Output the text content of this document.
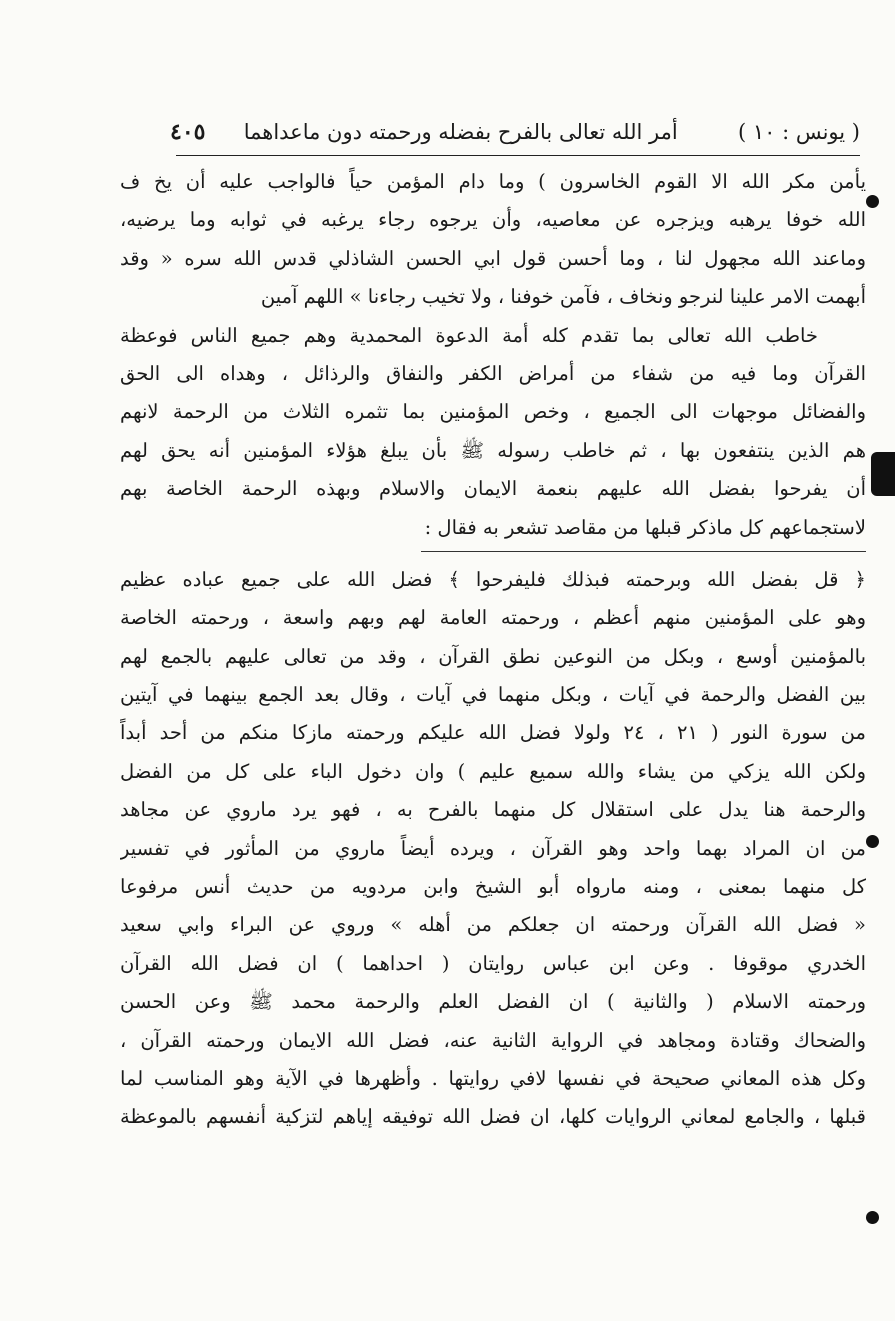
( يونس : ١٠ )
أمر الله تعالى بالفرح بفضله ورحمته دون ماعداهما
٤٠٥
يأمن مكر الله الا القوم الخاسرون ) وما دام المؤمن حياً فالواجب عليه أن يخ ف
الله خوفا يرهبه ويزجره عن معاصيه، وأن يرجوه رجاء يرغبه في ثوابه وما يرضيه،
وماعند الله مجهول لنا ، وما أحسن قول ابي الحسن الشاذلي قدس الله سره « وقد
أبهمت الامر علينا لنرجو ونخاف ، فآمن خوفنا ، ولا تخيب رجاءنا » اللهم آمين
خاطب الله تعالى بما تقدم كله أمة الدعوة المحمدية وهم جميع الناس فوعظة
القرآن وما فيه من شفاء من أمراض الكفر والنفاق والرذائل ، وهداه الى الحق
والفضائل موجهات الى الجميع ، وخص المؤمنين بما تثمره الثلاث من الرحمة لانهم
هم الذين ينتفعون بها ، ثم خاطب رسوله ﷺ بأن يبلغ هؤلاء المؤمنين أنه يحق لهم
أن يفرحوا بفضل الله عليهم بنعمة الايمان والاسلام وبهذه الرحمة الخاصة بهم
لاستجماعهم كل ماذكر قبلها من مقاصد تشعر به فقال :
﴿ قل بفضل الله وبرحمته فبذلك فليفرحوا ﴾ فضل الله على جميع عباده عظيم
وهو على المؤمنين منهم أعظم ، ورحمته العامة لهم وبهم واسعة ، ورحمته الخاصة
بالمؤمنين أوسع ، وبكل من النوعين نطق القرآن ، وقد من تعالى عليهم بالجمع لهم
بين الفضل والرحمة في آيات ، وبكل منهما في آيات ، وقال بعد الجمع بينهما في آيتين
من سورة النور ( ٢١ ، ٢٤ ولولا فضل الله عليكم ورحمته مازكا منكم من أحد أبداً
ولكن الله يزكي من يشاء والله سميع عليم ) وان دخول الباء على كل من الفضل
والرحمة هنا يدل على استقلال كل منهما بالفرح به ، فهو يرد ماروي عن مجاهد
من ان المراد بهما واحد وهو القرآن ، ويرده أيضاً ماروي من المأثور في تفسير
كل منهما بمعنى ، ومنه مارواه أبو الشيخ وابن مردويه من حديث أنس مرفوعا
« فضل الله القرآن ورحمته ان جعلكم من أهله » وروي عن البراء وابي سعيد
الخدري موقوفا . وعن ابن عباس روايتان ( احداهما ) ان فضل الله القرآن
ورحمته الاسلام ( والثانية ) ان الفضل العلم والرحمة محمد ﷺ وعن الحسن
والضحاك وقتادة ومجاهد في الرواية الثانية عنه، فضل الله الايمان ورحمته القرآن ،
وكل هذه المعاني صحيحة في نفسها لافي روايتها . وأظهرها في الآية وهو المناسب لما
قبلها ، والجامع لمعاني الروايات كلها، ان فضل الله توفيقه إياهم لتزكية أنفسهم بالموعظة
